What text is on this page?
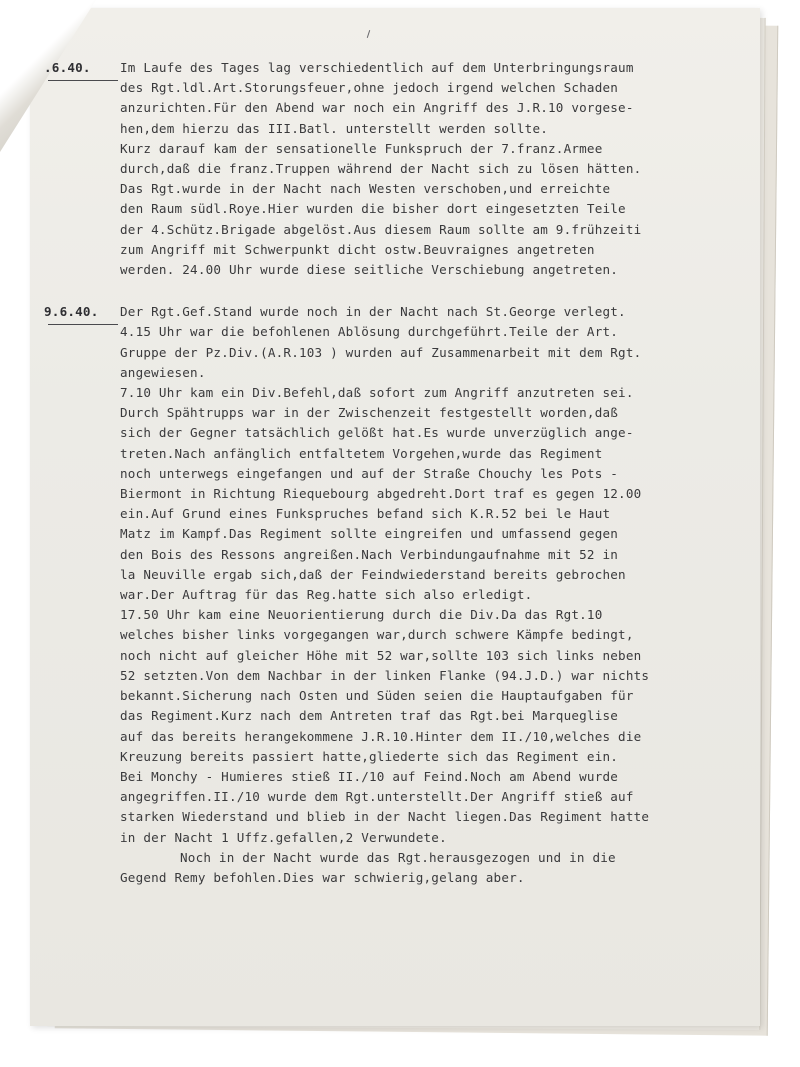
.6.40.	Im Laufe des Tages lag verschiedentlich auf dem Unterbringungsraum
des Rgt.ldl.Art.Storungsfeuer,ohne jedoch irgend welchen Schaden
anzurichten.Für den Abend war noch ein Angriff des J.R.10 vorgese-
hen,dem hierzu das III.Batl. unterstellt werden sollte.
Kurz darauf kam der sensationelle Funkspruch der 7.franz.Armee
durch,daß die franz.Truppen während der Nacht sich zu lösen hätten.
Das Rgt.wurde in der Nacht nach Westen verschoben,und erreichte
den Raum südl.Roye.Hier wurden die bisher dort eingesetzten Teile
der 4.Schütz.Brigade abgelöst.Aus diesem Raum sollte am 9.frühzeiti
zum Angriff mit Schwerpunkt dicht ostw.Beuvraignes angetreten
werden. 24.00 Uhr wurde diese seitliche Verschiebung angetreten.
9.6.40.	Der Rgt.Gef.Stand wurde noch in der Nacht nach St.George verlegt.
4.15 Uhr war die befohlenen Ablösung durchgeführt.Teile der Art.
Gruppe der Pz.Div.(A.R.103 ) wurden auf Zusammenarbeit mit dem Rgt.
angewiesen.
7.10 Uhr kam ein Div.Befehl,daß sofort zum Angriff anzutreten sei.
Durch Spähtrupps war in der Zwischenzeit festgestellt worden,daß
sich der Gegner tatsächlich gelößt hat.Es wurde unverzüglich ange-
treten.Nach anfänglich entfaltetem Vorgehen,wurde das Regiment
noch unterwegs eingefangen und auf der Straße Chouchy les Pots -
Biermont in Richtung Riequebourg abgedreht.Dort traf es gegen 12.00
ein.Auf Grund eines Funkspruches befand sich K.R.52 bei le Haut
Matz im Kampf.Das Regiment sollte eingreifen und umfassend gegen
den Bois des Ressons angreißen.Nach Verbindungaufnahme mit 52 in
la Neuville ergab sich,daß der Feindwiederstand bereits gebrochen
war.Der Auftrag für das Reg.hatte sich also erledigt.
17.50 Uhr kam eine Neuorientierung durch die Div.Da das Rgt.10
welches bisher links vorgegangen war,durch schwere Kämpfe bedingt,
noch nicht auf gleicher Höhe mit 52 war,sollte 103 sich links neben
52 setzten.Von dem Nachbar in der linken Flanke (94.J.D.) war nichts
bekannt.Sicherung nach Osten und Süden seien die Hauptaufgaben für
das Regiment.Kurz nach dem Antreten traf das Rgt.bei Marqueglise
auf das bereits herangekommene J.R.10.Hinter dem II./10,welches die
Kreuzung bereits passiert hatte,gliederte sich das Regiment ein.
Bei Monchy - Humieres stieß II./10 auf Feind.Noch am Abend wurde
angegriffen.II./10 wurde dem Rgt.unterstellt.Der Angriff stieß auf
starken Wiederstand und blieb in der Nacht liegen.Das Regiment hatte
in der Nacht 1 Uffz.gefallen,2 Verwundete.
Noch in der Nacht wurde das Rgt.herausgezogen und in die
Gegend Remy befohlen.Dies war schwierig,gelang aber.
